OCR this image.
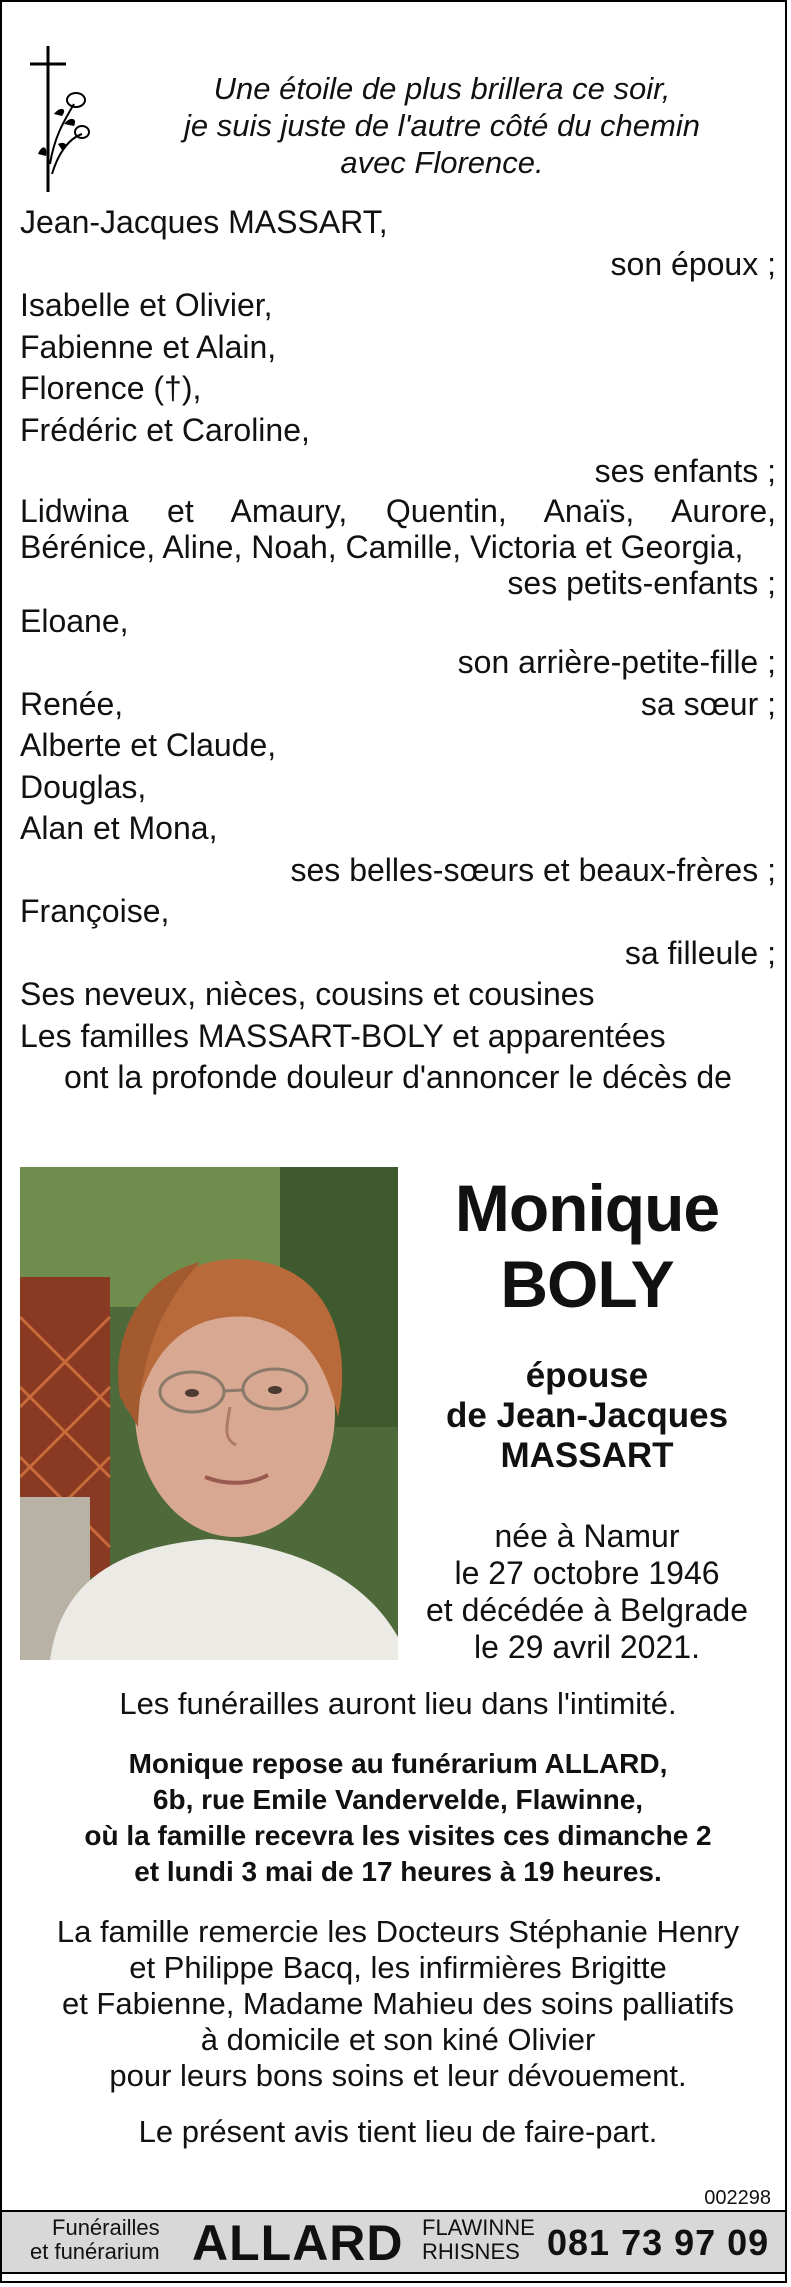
Une étoile de plus brillera ce soir,
je suis juste de l'autre côté du chemin
avec Florence.
Jean-Jacques MASSART,
son époux ;
Isabelle et Olivier,
Fabienne et Alain,
Florence (†),
Frédéric et Caroline,
ses enfants ;
Lidwina et Amaury, Quentin, Anaïs, Aurore,
Bérénice, Aline, Noah, Camille, Victoria et Georgia,
ses petits-enfants ;
Eloane,
son arrière-petite-fille ;
Renée,	sa sœur ;
Alberte et Claude,
Douglas,
Alan et Mona,
ses belles-sœurs et beaux-frères ;
Françoise,
sa filleule ;
Ses neveux, nièces, cousins et cousines
Les familles MASSART-BOLY et apparentées
ont la profonde douleur d'annoncer le décès de
Monique
BOLY
épouse
de Jean-Jacques
MASSART
née à Namur
le 27 octobre 1946
et décédée à Belgrade
le 29 avril 2021.
Les funérailles auront lieu dans l'intimité.
Monique repose au funérarium ALLARD,
6b, rue Emile Vandervelde, Flawinne,
où la famille recevra les visites ces dimanche 2
et lundi 3 mai de 17 heures à 19 heures.
La famille remercie les Docteurs Stéphanie Henry
et Philippe Bacq, les infirmières Brigitte
et Fabienne, Madame Mahieu des soins palliatifs
à domicile et son kiné Olivier
pour leurs bons soins et leur dévouement.
Le présent avis tient lieu de faire-part.
002298
Funérailles
et funérarium ALLARD FLAWINNE
RHISNES 081 73 97 09
